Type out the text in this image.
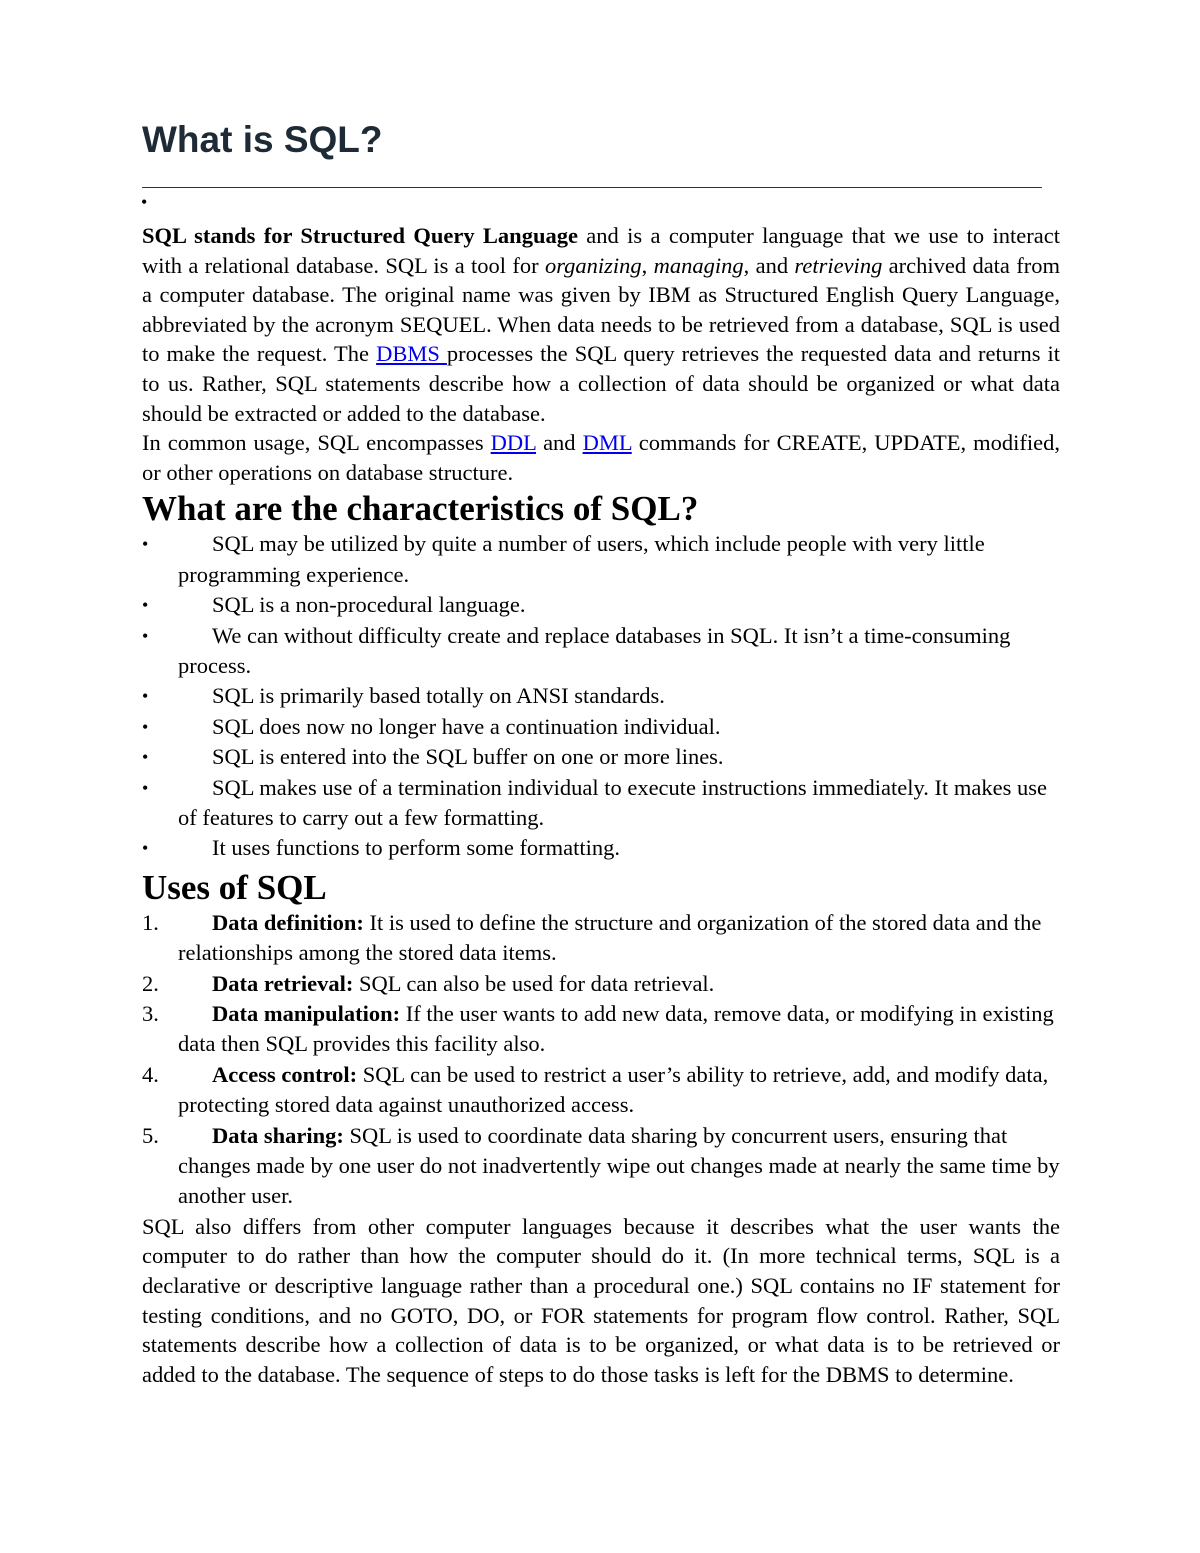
What is SQL?
•

SQL stands for Structured Query Language and is a computer language that we use to interact with a relational database. SQL is a tool for organizing, managing, and retrieving archived data from a computer database. The original name was given by IBM as Structured English Query Language, abbreviated by the acronym SEQUEL. When data needs to be retrieved from a database, SQL is used to make the request. The DBMS processes the SQL query retrieves the requested data and returns it to us. Rather, SQL statements describe how a collection of data should be organized or what data should be extracted or added to the database.

In common usage, SQL encompasses DDL and DML commands for CREATE, UPDATE, modified, or other operations on database structure.

What are the characteristics of SQL?
•	SQL may be utilized by quite a number of users, which include people with very little programming experience.
•	SQL is a non-procedural language.
•	We can without difficulty create and replace databases in SQL. It isn’t a time-consuming process.
•	SQL is primarily based totally on ANSI standards.
•	SQL does now no longer have a continuation individual.
•	SQL is entered into the SQL buffer on one or more lines.
•	SQL makes use of a termination individual to execute instructions immediately. It makes use of features to carry out a few formatting.
•	It uses functions to perform some formatting.
Uses of SQL
1.	Data definition: It is used to define the structure and organization of the stored data and the relationships among the stored data items.
2.	Data retrieval: SQL can also be used for data retrieval.
3.	Data manipulation: If the user wants to add new data, remove data, or modifying in existing data then SQL provides this facility also.
4.	Access control: SQL can be used to restrict a user’s ability to retrieve, add, and modify data, protecting stored data against unauthorized access.
5.	Data sharing: SQL is used to coordinate data sharing by concurrent users, ensuring that changes made by one user do not inadvertently wipe out changes made at nearly the same time by another user.

SQL also differs from other computer languages because it describes what the user wants the computer to do rather than how the computer should do it. (In more technical terms, SQL is a declarative or descriptive language rather than a procedural one.) SQL contains no IF statement for testing conditions, and no GOTO, DO, or FOR statements for program flow control. Rather, SQL statements describe how a collection of data is to be organized, or what data is to be retrieved or added to the database. The sequence of steps to do those tasks is left for the DBMS to determine.
